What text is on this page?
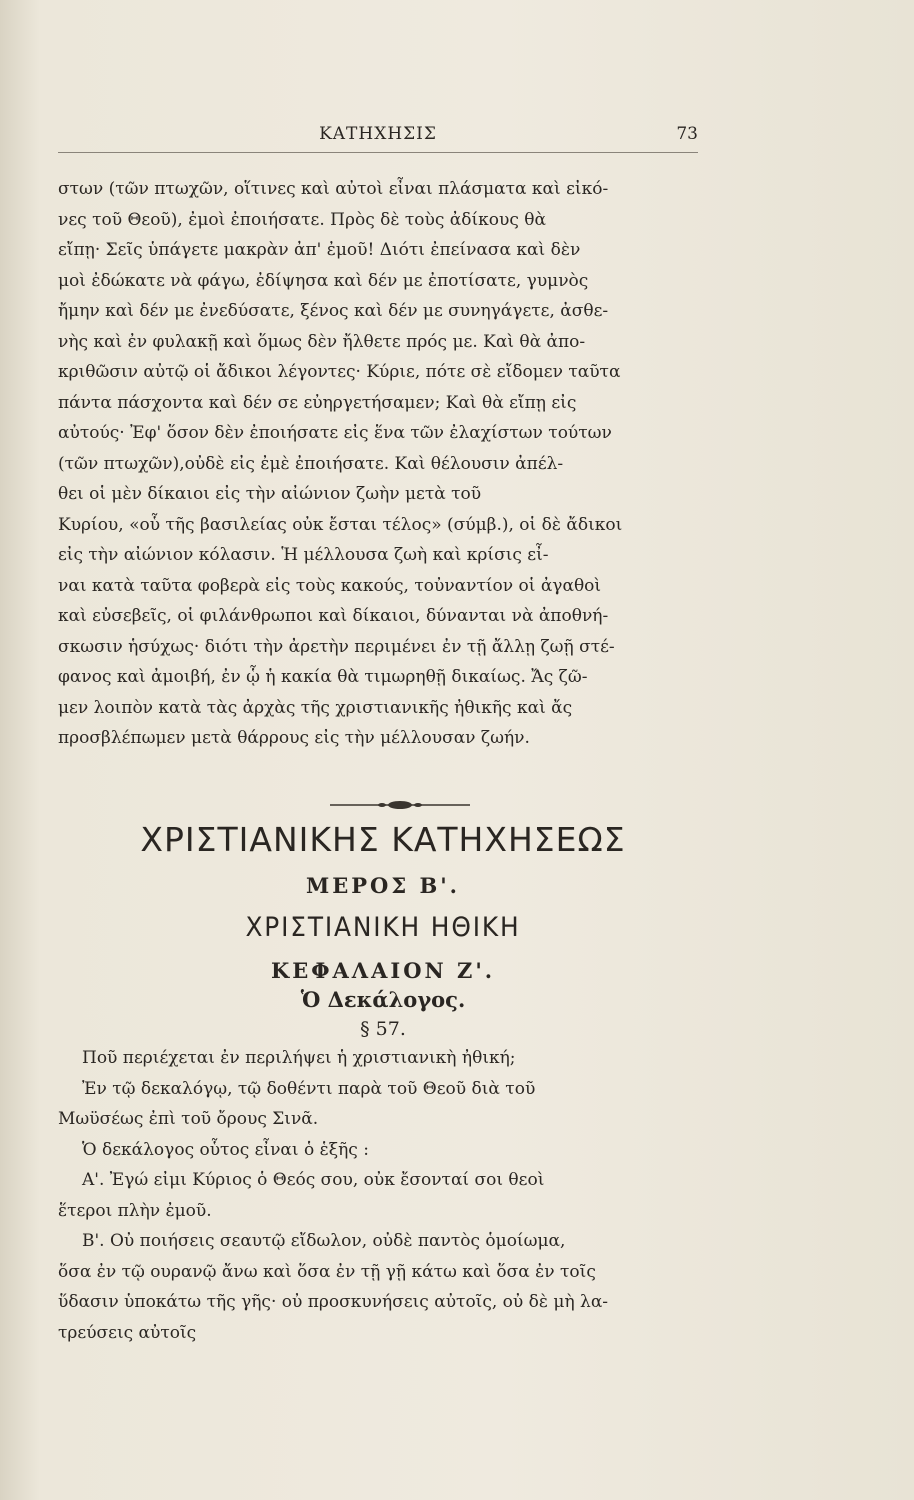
ΚΑΤΗΧΗΣΙΣ	73

στων (τῶν πτωχῶν, οἵτινες καὶ αὐτοὶ εἶναι πλάσματα καὶ εἰκό-

νες τοῦ Θεοῦ), ἐμοὶ ἐποιήσατε. Πρὸς δὲ τοὺς ἀδίκους θὰ

εἴπῃ· Σεῖς ὑπάγετε μακρὰν ἀπ' ἐμοῦ! Διότι ἐπείνασα καὶ δὲν

μοὶ ἐδώκατε νὰ φάγω, ἐδίψησα καὶ δέν με ἐποτίσατε, γυμνὸς

ἤμην καὶ δέν με ἐνεδύσατε, ξένος καὶ δέν με συνηγάγετε, ἀσθε-

νὴς καὶ ἐν φυλακῇ καὶ ὅμως δὲν ἤλθετε πρός με. Καὶ θὰ ἀπο-

κριθῶσιν αὐτῷ οἱ ἄδικοι λέγοντες· Κύριε, πότε σὲ εἴδομεν ταῦτα

πάντα πάσχοντα καὶ δέν σε εὐηργετήσαμεν; Καὶ θὰ εἴπῃ εἰς

αὐτούς· Ἐφ' ὅσον δὲν ἐποιήσατε εἰς ἕνα τῶν ἐλαχίστων τούτων

(τῶν πτωχῶν),οὐδὲ εἰς ἐμὲ ἐποιήσατε. Καὶ θέλουσιν ἀπέλ-

θει οἱ μὲν δίκαιοι εἰς τὴν αἰώνιον ζωὴν μετὰ τοῦ

Κυρίου, «οὗ τῆς βασιλείας οὐκ ἔσται τέλος» (σύμβ.), οἱ δὲ ἄδικοι

εἰς τὴν αἰώνιον κόλασιν. Ἡ μέλλουσα ζωὴ καὶ κρίσις εἶ-

ναι κατὰ ταῦτα φοβερὰ εἰς τοὺς κακούς, τοὐναντίον οἱ ἀγαθοὶ

καὶ εὐσεβεῖς, οἱ φιλάνθρωποι καὶ δίκαιοι, δύνανται νὰ ἀποθνή-

σκωσιν ἡσύχως· διότι τὴν ἀρετὴν περιμένει ἐν τῇ ἄλλῃ ζωῇ στέ-

φανος καὶ ἀμοιβή, ἐν ᾧ ἡ κακία θὰ τιμωρηθῇ δικαίως. Ἄς ζῶ-

μεν λοιπὸν κατὰ τὰς ἀρχὰς τῆς χριστιανικῆς ἠθικῆς καὶ ἄς

προσβλέπωμεν μετὰ θάρρους εἰς τὴν μέλλουσαν ζωήν.

ΧΡΙΣΤΙΑΝΙΚΗΣ ΚΑΤΗΧΗΣΕΩΣ
ΜΕΡΟΣ Β'.
ΧΡΙΣΤΙΑΝΙΚΗ ΗΘΙΚΗ
ΚΕΦΑΛΑΙΟΝ Ζ'.
Ὁ Δεκάλογος.
§ 57.

Ποῦ περιέχεται ἐν περιλήψει ἡ χριστιανικὴ ἠθική;

Ἐν τῷ δεκαλόγῳ, τῷ δοθέντι παρὰ τοῦ Θεοῦ διὰ τοῦ

Μωϋσέως ἐπὶ τοῦ ὄρους Σινᾶ.

Ὁ δεκάλογος οὗτος εἶναι ὁ ἑξῆς :

Α'. Ἐγώ εἰμι Κύριος ὁ Θεός σου, οὐκ ἔσονταί σοι θεοὶ

ἕτεροι πλὴν ἐμοῦ.

Β'. Οὐ ποιήσεις σεαυτῷ εἴδωλον, οὐδὲ παντὸς ὁμοίωμα,

ὅσα ἐν τῷ ουρανῷ ἄνω καὶ ὅσα ἐν τῇ γῇ κάτω καὶ ὅσα ἐν τοῖς

ὕδασιν ὑποκάτω τῆς γῆς· οὐ προσκυνήσεις αὐτοῖς, οὐ δὲ μὴ λα-

τρεύσεις αὐτοῖς
